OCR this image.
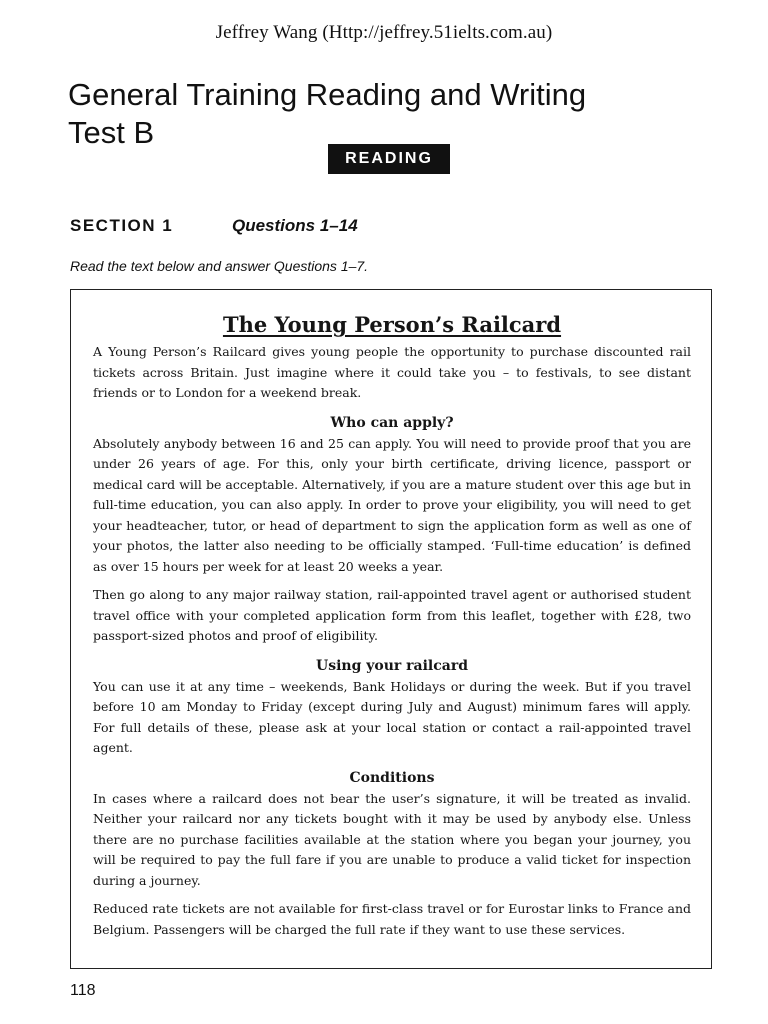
Jeffrey Wang (Http://jeffrey.51ielts.com.au)
General Training Reading and Writing
Test B
READING
SECTION 1	Questions 1–14
Read the text below and answer Questions 1–7.
The Young Person’s Railcard

A Young Person’s Railcard gives young people the opportunity to purchase discounted rail tickets across Britain. Just imagine where it could take you – to festivals, to see distant friends or to London for a weekend break.

Who can apply?

Absolutely anybody between 16 and 25 can apply. You will need to provide proof that you are under 26 years of age. For this, only your birth certificate, driving licence, passport or medical card will be acceptable. Alternatively, if you are a mature student over this age but in full-time education, you can also apply. In order to prove your eligibility, you will need to get your headteacher, tutor, or head of department to sign the application form as well as one of your photos, the latter also needing to be officially stamped. ‘Full-time education’ is defined as over 15 hours per week for at least 20 weeks a year.

Then go along to any major railway station, rail-appointed travel agent or authorised student travel office with your completed application form from this leaflet, together with £28, two passport-sized photos and proof of eligibility.

Using your railcard

You can use it at any time – weekends, Bank Holidays or during the week. But if you travel before 10 am Monday to Friday (except during July and August) minimum fares will apply. For full details of these, please ask at your local station or contact a rail-appointed travel agent.

Conditions

In cases where a railcard does not bear the user’s signature, it will be treated as invalid. Neither your railcard nor any tickets bought with it may be used by anybody else. Unless there are no purchase facilities available at the station where you began your journey, you will be required to pay the full fare if you are unable to produce a valid ticket for inspection during a journey.

Reduced rate tickets are not available for first-class travel or for Eurostar links to France and Belgium. Passengers will be charged the full rate if they want to use these services.

118
